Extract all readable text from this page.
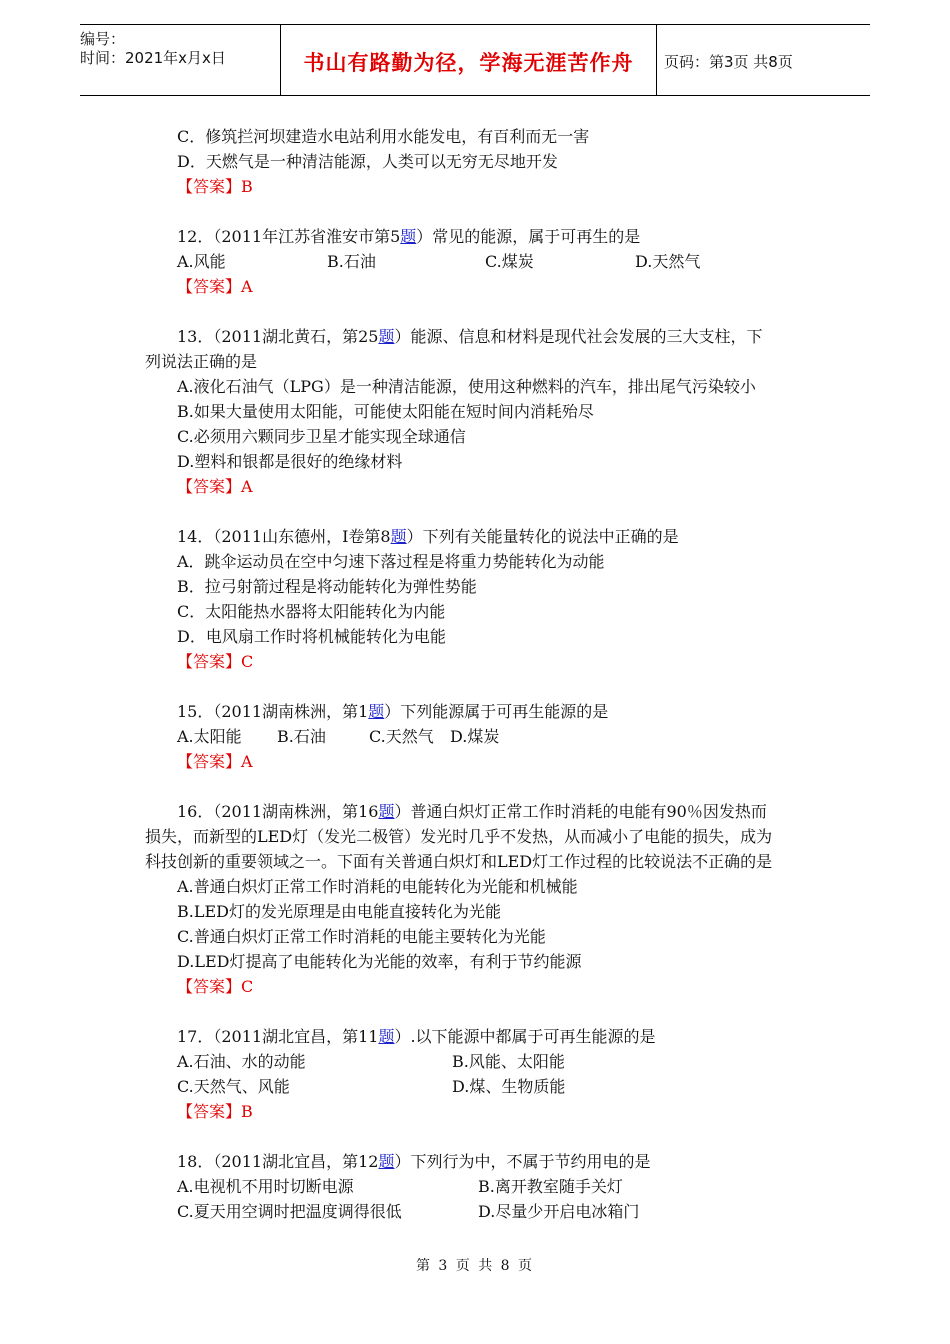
编号：
时间：2021年x月x日	书山有路勤为径，学海无涯苦作舟	页码：第3页 共8页
C．修筑拦河坝建造水电站利用水能发电，有百利而无一害
D．天燃气是一种清洁能源，人类可以无穷无尽地开发
【答案】B
12．（2011年江苏省淮安市第5题）常见的能源，属于可再生的是
A.风能	B.石油	C.煤炭	D.天然气
【答案】A
13．（2011湖北黄石，第25题）能源、信息和材料是现代社会发展的三大支柱，下
列说法正确的是
A.液化石油气（LPG）是一种清洁能源，使用这种燃料的汽车，排出尾气污染较小
B.如果大量使用太阳能，可能使太阳能在短时间内消耗殆尽
C.必须用六颗同步卫星才能实现全球通信
D.塑料和银都是很好的绝缘材料
【答案】A
14．（2011山东德州，I卷第8题）下列有关能量转化的说法中正确的是
A．跳伞运动员在空中匀速下落过程是将重力势能转化为动能
B．拉弓射箭过程是将动能转化为弹性势能
C．太阳能热水器将太阳能转化为内能
D．电风扇工作时将机械能转化为电能
【答案】C
15．（2011湖南株洲，第1题）下列能源属于可再生能源的是
A.太阳能 B.石油	C.天然气 D.煤炭
【答案】A
16．（2011湖南株洲，第16题）普通白炽灯正常工作时消耗的电能有90％因发热而
损失，而新型的LED灯（发光二极管）发光时几乎不发热，从而减小了电能的损失，成为
科技创新的重要领域之一。下面有关普通白炽灯和LED灯工作过程的比较说法不正确的是
A.普通白炽灯正常工作时消耗的电能转化为光能和机械能
B.LED灯的发光原理是由电能直接转化为光能
C.普通白炽灯正常工作时消耗的电能主要转化为光能
D.LED灯提高了电能转化为光能的效率，有利于节约能源
【答案】C
17．（2011湖北宜昌，第11题）.以下能源中都属于可再生能源的是
A.石油、水的动能	B.风能、太阳能
C.天然气、风能	D.煤、生物质能
【答案】B
18．（2011湖北宜昌，第12题）下列行为中，不属于节约用电的是
A.电视机不用时切断电源	B.离开教室随手关灯
C.夏天用空调时把温度调得很低	D.尽量少开启电冰箱门
第 3 页 共 8 页
